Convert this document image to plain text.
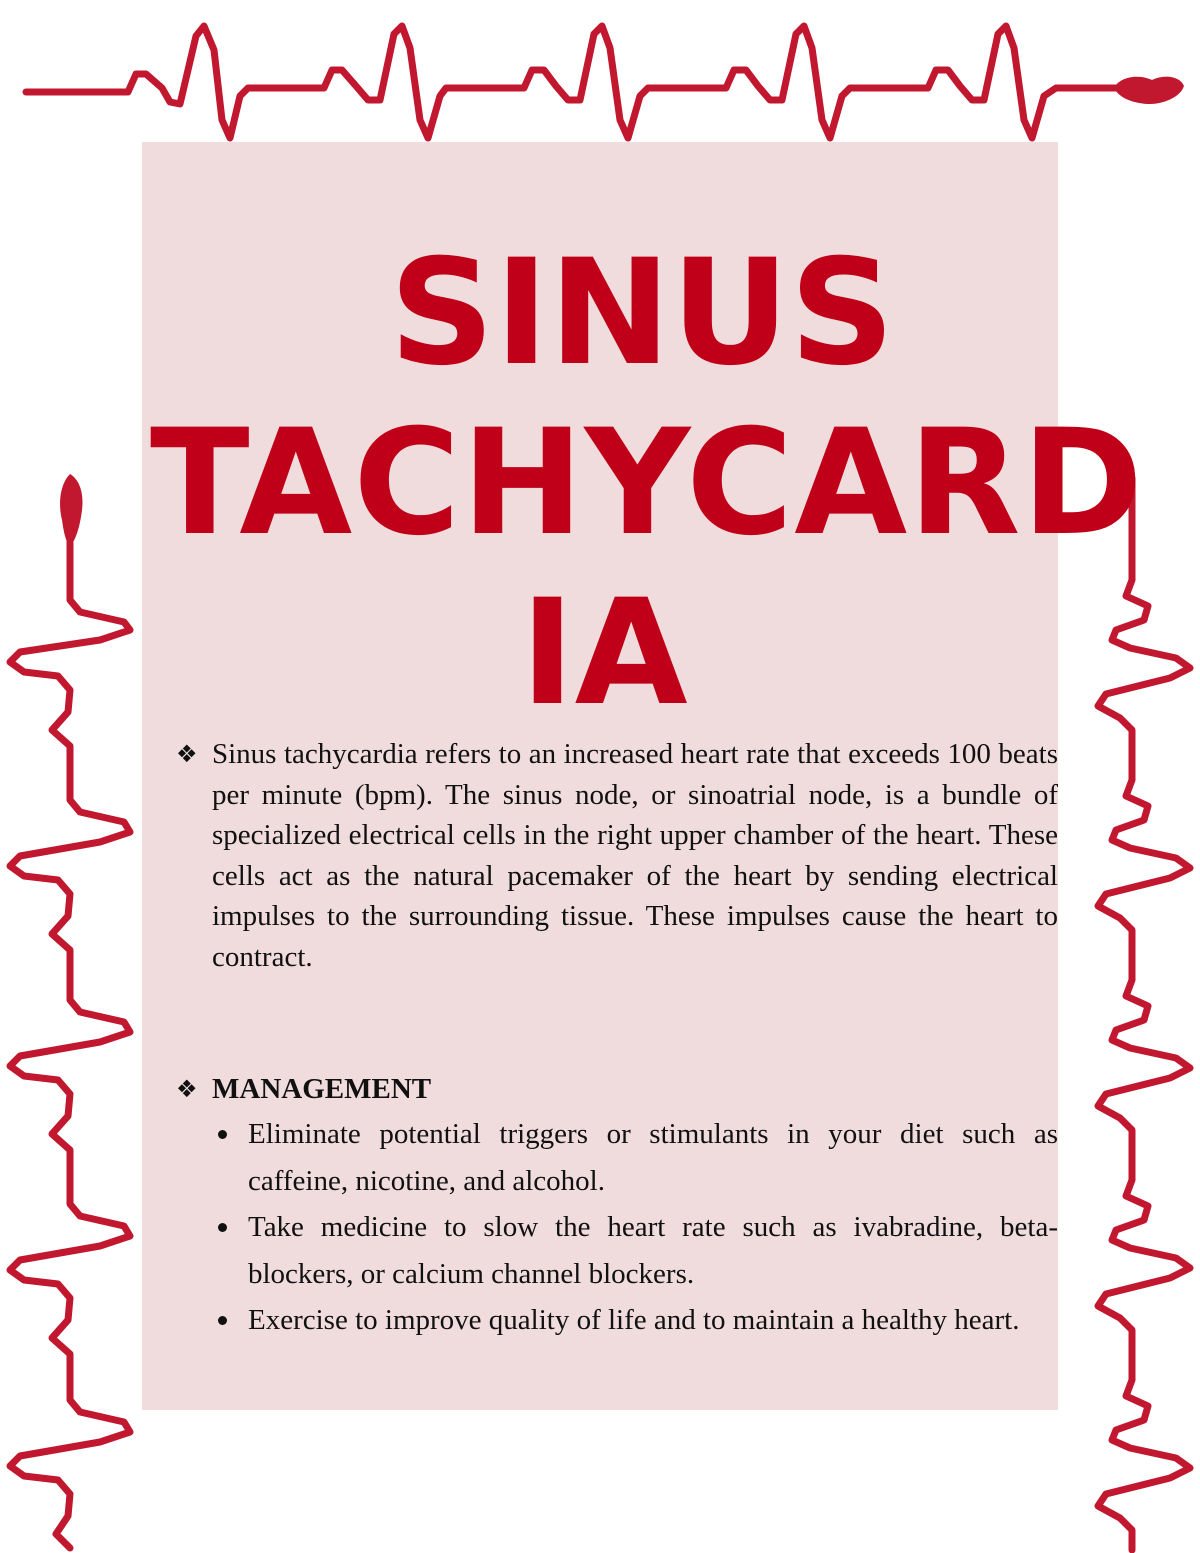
SINUS
TACHYCARD
IA
❖ Sinus tachycardia refers to an increased heart rate that exceeds 100 beats per minute (bpm). The sinus node, or sinoatrial node, is a bundle of specialized electrical cells in the right upper chamber of the heart. These cells act as the natural pacemaker of the heart by sending electrical impulses to the surrounding tissue. These impulses cause the heart to contract.

❖ MANAGEMENT

Eliminate potential triggers or stimulants in your diet such as caffeine, nicotine, and alcohol.
Take medicine to slow the heart rate such as ivabradine, beta-blockers, or calcium channel blockers.
Exercise to improve quality of life and to maintain a healthy heart.
